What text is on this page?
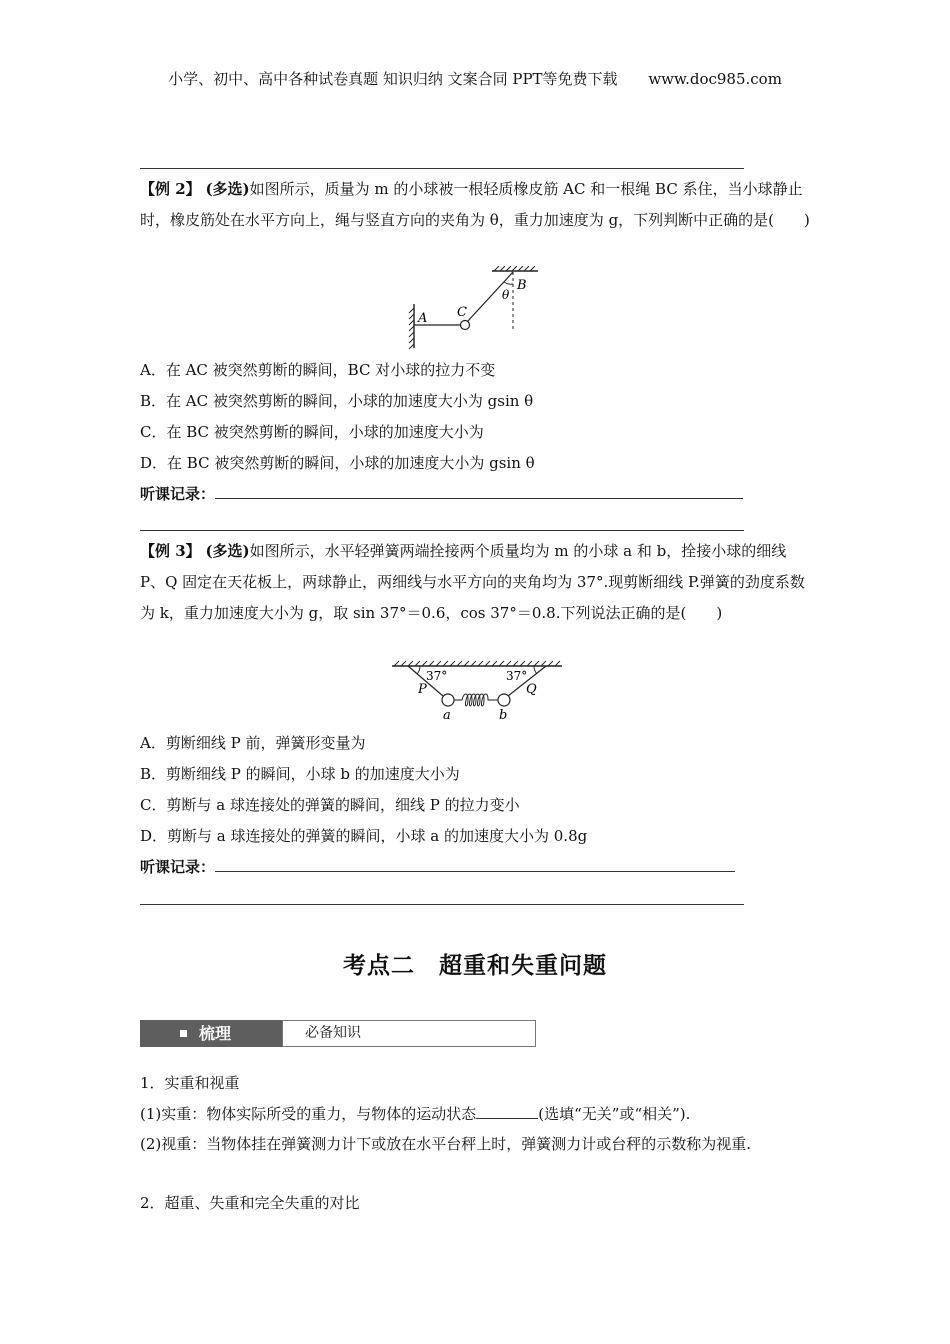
小学、初中、高中各种试卷真题 知识归纳 文案合同 PPT等免费下载 www.doc985.com
【例 2】 (多选)如图所示，质量为 m 的小球被一根轻质橡皮筋 AC 和一根绳 BC 系住，当小球静止时，橡皮筋处在水平方向上，绳与竖直方向的夹角为 θ，重力加速度为 g，下列判断中正确的是(　　)
A
B
C
θ
A．在 AC 被突然剪断的瞬间，BC 对小球的拉力不变
B．在 AC 被突然剪断的瞬间，小球的加速度大小为 gsin θ
C．在 BC 被突然剪断的瞬间，小球的加速度大小为
D．在 BC 被突然剪断的瞬间，小球的加速度大小为 gsin θ
听课记录：
【例 3】 (多选)如图所示，水平轻弹簧两端拴接两个质量均为 m 的小球 a 和 b，拴接小球的细线 P、Q 固定在天花板上，两球静止，两细线与水平方向的夹角均为 37°.现剪断细线 P.弹簧的劲度系数为 k，重力加速度大小为 g，取 sin 37°＝0.6，cos 37°＝0.8.下列说法正确的是(　　)
37°	37°
P	Q
a	b
A．剪断细线 P 前，弹簧形变量为
B．剪断细线 P 的瞬间，小球 b 的加速度大小为
C．剪断与 a 球连接处的弹簧的瞬间，细线 P 的拉力变小
D．剪断与 a 球连接处的弹簧的瞬间，小球 a 的加速度大小为 0.8g
听课记录：
考点二　超重和失重问题
梳理	必备知识
1．实重和视重
(1)实重：物体实际所受的重力，与物体的运动状态	(选填“无关”或“相关”).
(2)视重：当物体挂在弹簧测力计下或放在水平台秤上时，弹簧测力计或台秤的示数称为视重.
2．超重、失重和完全失重的对比
